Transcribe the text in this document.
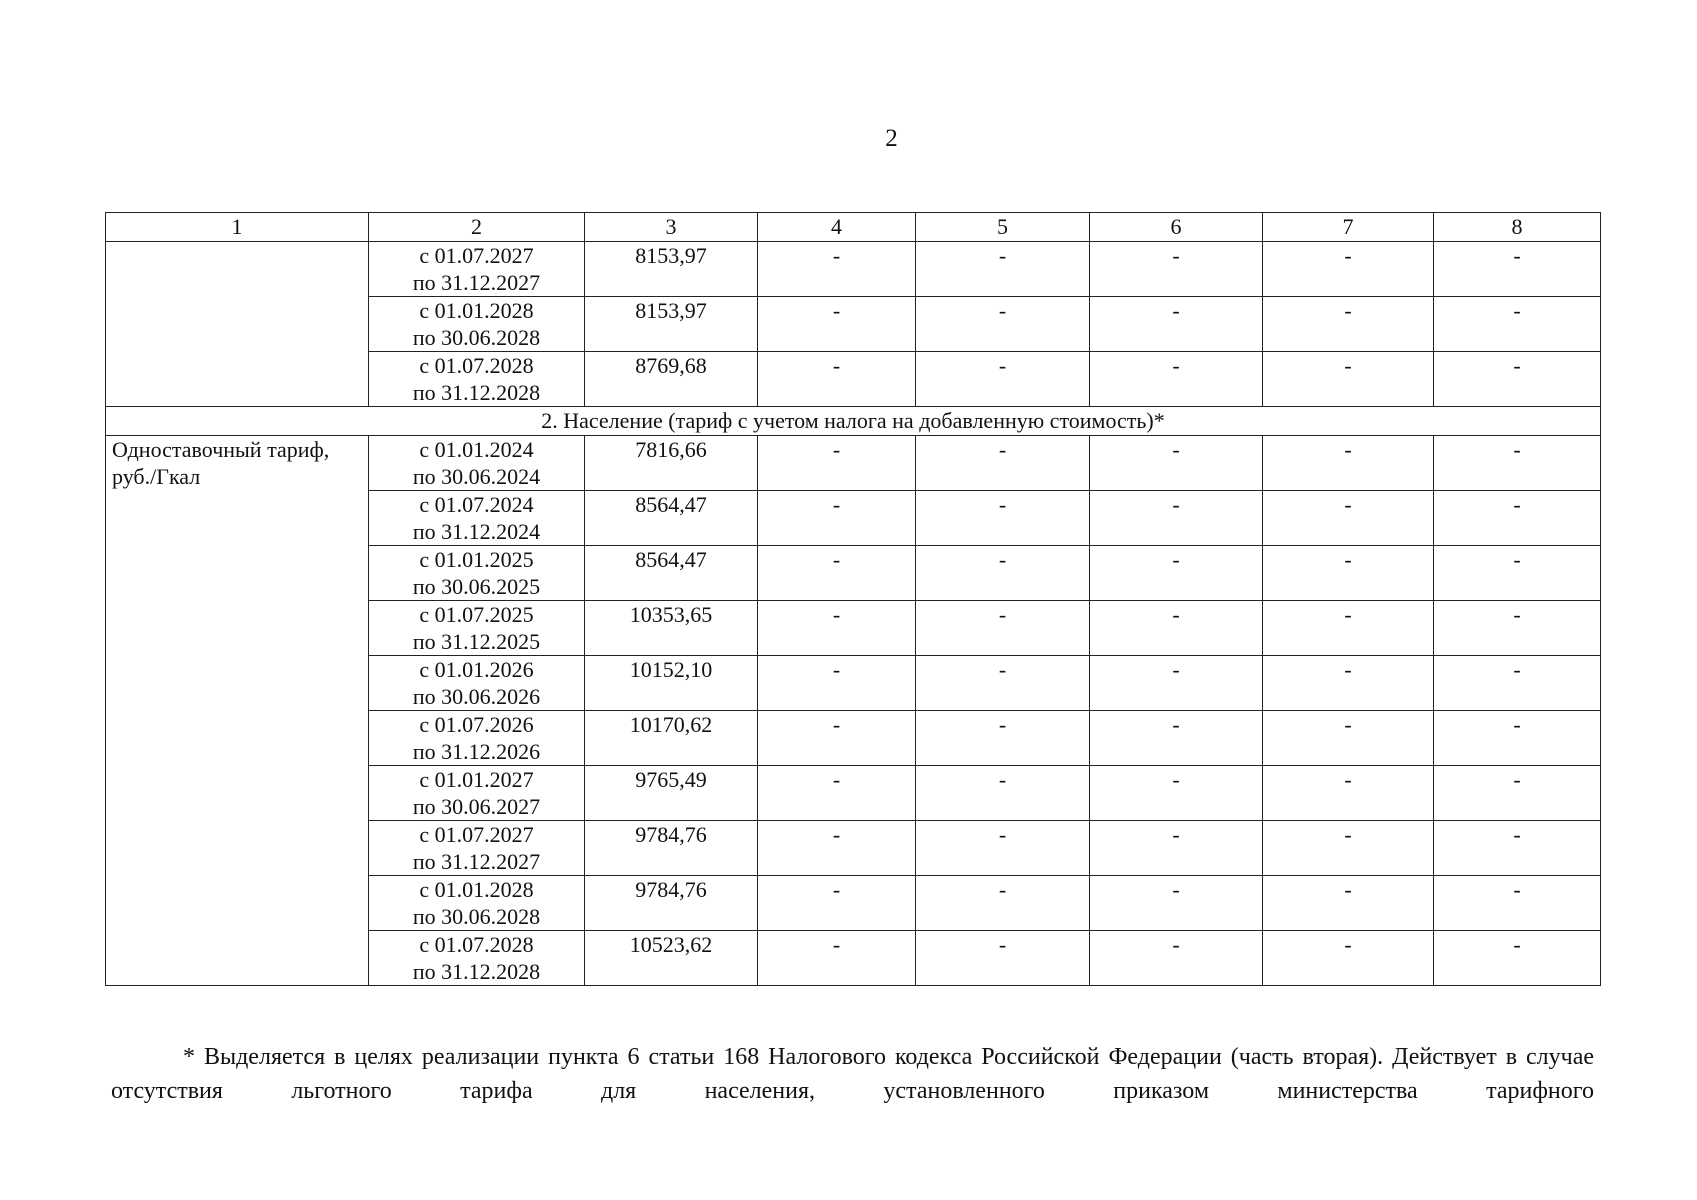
2
1	2	3	4	5	6	7	8

	с 01.07.2027
по 31.12.2027	8153,97	-	-	-	-	-

	с 01.01.2028
по 30.06.2028	8153,97	-	-	-	-	-

	с 01.07.2028
по 31.12.2028	8769,68	-	-	-	-	-
2. Население (тариф с учетом налога на добавленную стоимость)*							
Одноставочный тариф, руб./Гкал	с 01.01.2024
по 30.06.2024	7816,66	-	-	-	-	-

	с 01.07.2024
по 31.12.2024	8564,47	-	-	-	-	-

	с 01.01.2025
по 30.06.2025	8564,47	-	-	-	-	-

	с 01.07.2025
по 31.12.2025	10353,65	-	-	-	-	-

	с 01.01.2026
по 30.06.2026	10152,10	-	-	-	-	-

	с 01.07.2026
по 31.12.2026	10170,62	-	-	-	-	-

	с 01.01.2027
по 30.06.2027	9765,49	-	-	-	-	-

	с 01.07.2027
по 31.12.2027	9784,76	-	-	-	-	-

	с 01.01.2028
по 30.06.2028	9784,76	-	-	-	-	-

	с 01.07.2028
по 31.12.2028	10523,62	-	-	-	-	-
* Выделяется в целях реализации пункта 6 статьи 168 Налогового кодекса Российской Федерации (часть вторая). Действует в случае отсутствия льготного тарифа для населения, установленного приказом министерства тарифного
